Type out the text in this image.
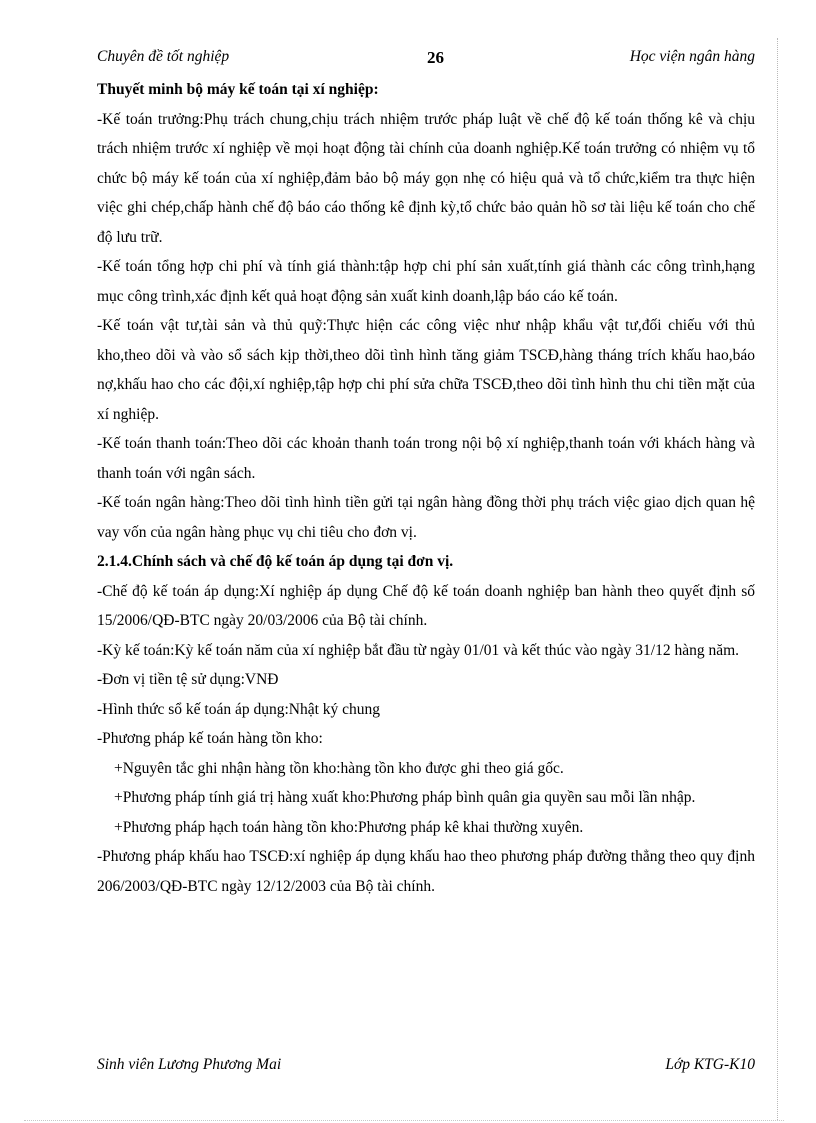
Chuyên đề tốt nghiệp	26	Học viện ngân hàng

Thuyết minh bộ máy kế toán tại xí nghiệp:

-Kế toán trưởng:Phụ trách chung,chịu trách nhiệm trước pháp luật về chế độ kế toán thống kê và chịu trách nhiệm trước xí nghiệp về mọi hoạt động tài chính của doanh nghiệp.Kế toán trưởng có nhiệm vụ tổ chức bộ máy kế toán của xí nghiệp,đảm bảo bộ máy gọn nhẹ có hiệu quả và tổ chức,kiểm tra thực hiện việc ghi chép,chấp hành chế độ báo cáo thống kê định kỳ,tổ chức bảo quản hồ sơ tài liệu kế toán cho chế độ lưu trữ.

-Kế toán tổng hợp chi phí và tính giá thành:tập hợp chi phí sản xuất,tính giá thành các công trình,hạng mục công trình,xác định kết quả hoạt động sản xuất kinh doanh,lập báo cáo kế toán.

-Kế toán vật tư,tài sản và thủ quỹ:Thực hiện các công việc như nhập khẩu vật tư,đối chiếu với thủ kho,theo dõi và vào sổ sách kịp thời,theo dõi tình hình tăng giảm TSCĐ,hàng tháng trích khấu hao,báo nợ,khấu hao cho các đội,xí nghiệp,tập hợp chi phí sửa chữa TSCĐ,theo dõi tình hình thu chi tiền mặt của xí nghiệp.

-Kế toán thanh toán:Theo dõi các khoản thanh toán trong nội bộ xí nghiệp,thanh toán với khách hàng và thanh toán với ngân sách.

-Kế toán ngân hàng:Theo dõi tình hình tiền gửi tại ngân hàng đồng thời phụ trách việc giao dịch quan hệ vay vốn của ngân hàng phục vụ chi tiêu cho đơn vị.

2.1.4.Chính sách và chế độ kế toán áp dụng tại đơn vị.

-Chế độ kế toán áp dụng:Xí nghiệp áp dụng Chế độ kế toán doanh nghiệp ban hành theo quyết định số 15/2006/QĐ-BTC ngày 20/03/2006 của Bộ tài chính.

-Kỳ kế toán:Kỳ kế toán năm của xí nghiệp bắt đầu từ ngày 01/01 và kết thúc vào ngày 31/12 hàng năm.

-Đơn vị tiền tệ sử dụng:VNĐ

-Hình thức sổ kế toán áp dụng:Nhật ký chung

-Phương pháp kế toán hàng tồn kho:

+Nguyên tắc ghi nhận hàng tồn kho:hàng tồn kho được ghi theo giá gốc.

+Phương pháp tính giá trị hàng xuất kho:Phương pháp bình quân gia quyền sau mỗi lần nhập.

+Phương pháp hạch toán hàng tồn kho:Phương pháp kê khai thường xuyên.

-Phương pháp khấu hao TSCĐ:xí nghiệp áp dụng khấu hao theo phương pháp đường thẳng theo quy định 206/2003/QĐ-BTC ngày 12/12/2003 của Bộ tài chính.

Sinh viên Lương Phương Mai	Lớp KTG-K10
